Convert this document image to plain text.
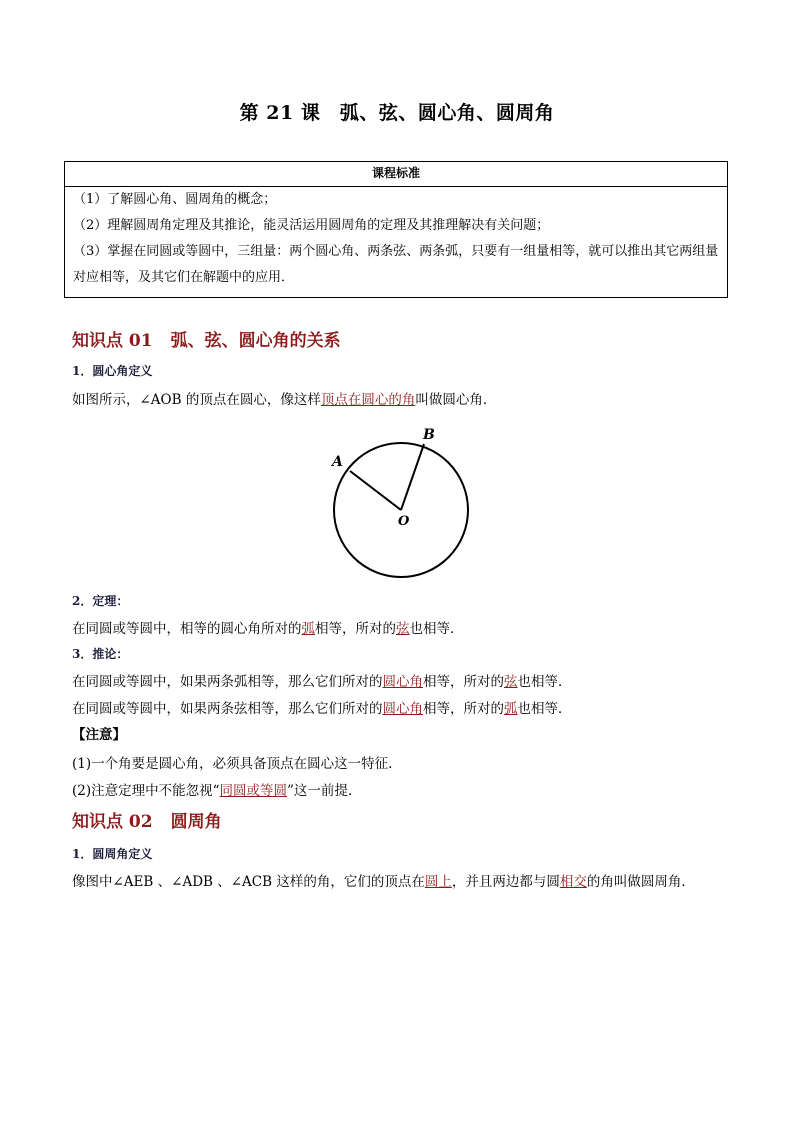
第 21 课　弧、弦、圆心角、圆周角
课程标准
（1）了解圆心角、圆周角的概念；
（2）理解圆周角定理及其推论，能灵活运用圆周角的定理及其推理解决有关问题；
（3）掌握在同圆或等圆中，三组量：两个圆心角、两条弦、两条弧，只要有一组量相等，就可以推出其它两组量对应相等，及其它们在解题中的应用．
知识点 01 弧、弦、圆心角的关系
1．圆心角定义
如图所示，∠AOB 的顶点在圆心，像这样顶点在圆心的角叫做圆心角．
A
B
O
2．定理：
在同圆或等圆中，相等的圆心角所对的弧相等，所对的弦也相等．
3．推论：
在同圆或等圆中，如果两条弧相等，那么它们所对的圆心角相等，所对的弦也相等．
在同圆或等圆中，如果两条弦相等，那么它们所对的圆心角相等，所对的弧也相等．
【注意】
(1)一个角要是圆心角，必须具备顶点在圆心这一特征.
(2)注意定理中不能忽视“同圆或等圆”这一前提.
知识点 02 圆周角
1．圆周角定义
像图中∠AEB 、∠ADB 、∠ACB 这样的角，它们的顶点在圆上，并且两边都与圆相交的角叫做圆周角．
